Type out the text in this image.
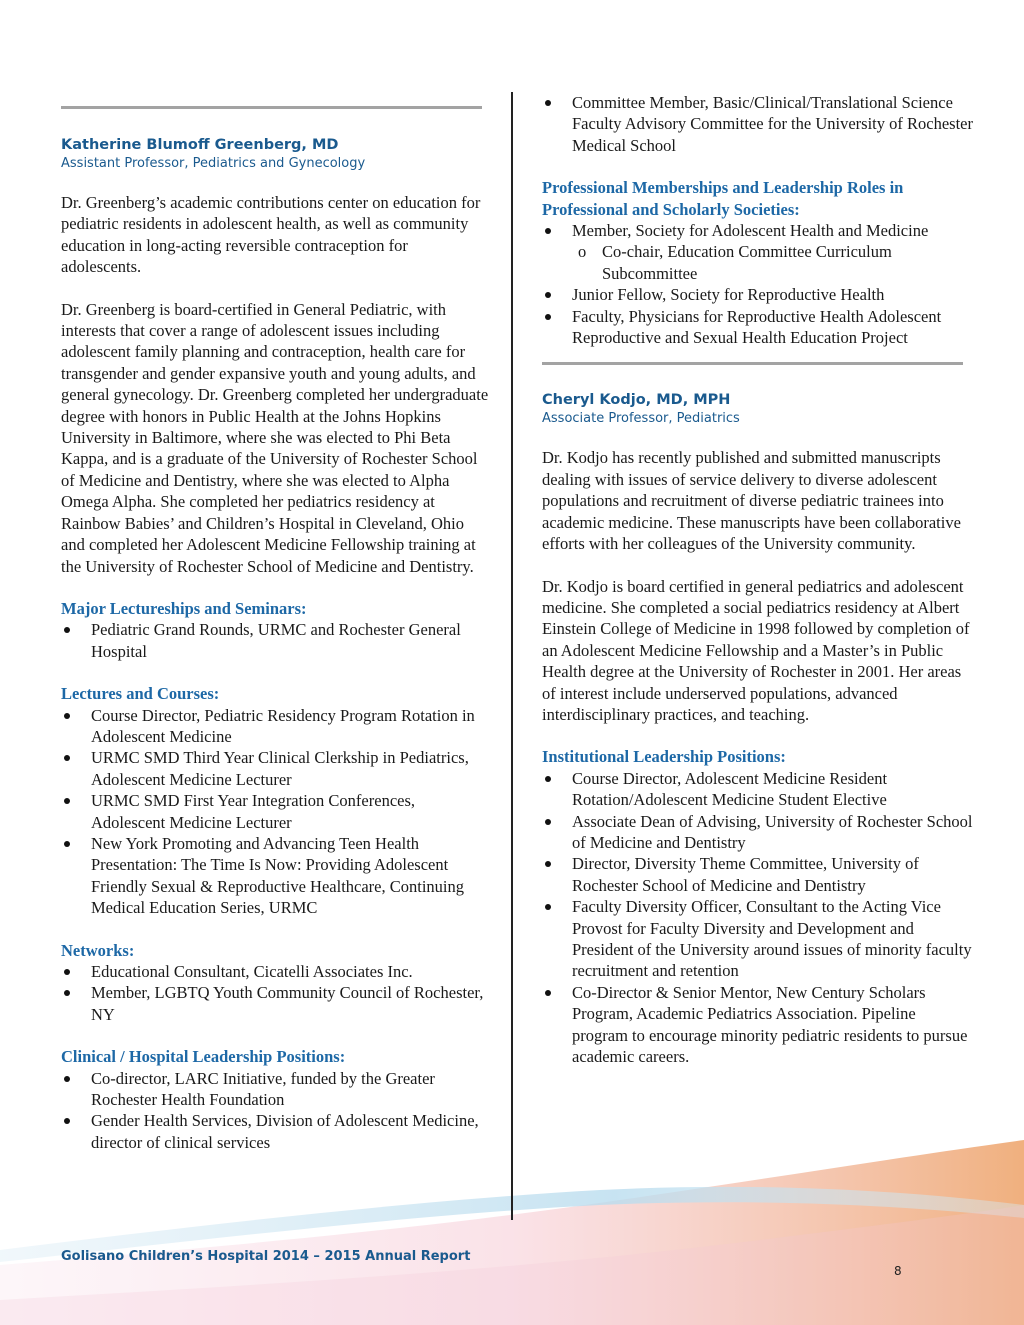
Katherine Blumoff Greenberg, MD
Assistant Professor, Pediatrics and Gynecology

Dr. Greenberg’s academic contributions center on education for pediatric residents in adolescent health, as well as community education in long-acting reversible contraception for adolescents.

Dr. Greenberg is board-certified in General Pediatric, with interests that cover a range of adolescent issues including adolescent family planning and contraception, health care for transgender and gender expansive youth and young adults, and general gynecology. Dr. Greenberg completed her undergraduate degree with honors in Public Health at the Johns Hopkins University in Baltimore, where she was elected to Phi Beta Kappa, and is a graduate of the University of Rochester School of Medicine and Dentistry, where she was elected to Alpha Omega Alpha. She completed her pediatrics residency at Rainbow Babies’ and Children’s Hospital in Cleveland, Ohio and completed her Adolescent Medicine Fellowship training at the University of Rochester School of Medicine and Dentistry.

Major Lectureships and Seminars:
Pediatric Grand Rounds, URMC and Rochester General Hospital
Lectures and Courses:
Course Director, Pediatric Residency Program Rotation in Adolescent Medicine
URMC SMD Third Year Clinical Clerkship in Pediatrics, Adolescent Medicine Lecturer
URMC SMD First Year Integration Conferences, Adolescent Medicine Lecturer
New York Promoting and Advancing Teen Health Presentation: The Time Is Now: Providing Adolescent Friendly Sexual & Reproductive Healthcare, Continuing Medical Education Series, URMC
Networks:
Educational Consultant, Cicatelli Associates Inc.
Member, LGBTQ Youth Community Council of Rochester, NY
Clinical / Hospital Leadership Positions:
Co-director, LARC Initiative, funded by the Greater Rochester Health Foundation
Gender Health Services, Division of Adolescent Medicine, director of clinical services
Committee Member, Basic/Clinical/Translational Science Faculty Advisory Committee for the University of Rochester Medical School
Professional Memberships and Leadership Roles in Professional and Scholarly Societies:
Member, Society for Adolescent Health and Medicine
o Co-chair, Education Committee Curriculum Subcommittee
Junior Fellow, Society for Reproductive Health
Faculty, Physicians for Reproductive Health Adolescent Reproductive and Sexual Health Education Project
Cheryl Kodjo, MD, MPH
Associate Professor, Pediatrics

Dr. Kodjo has recently published and submitted manuscripts dealing with issues of service delivery to diverse adolescent populations and recruitment of diverse pediatric trainees into academic medicine. These manuscripts have been collaborative efforts with her colleagues of the University community.

Dr. Kodjo is board certified in general pediatrics and adolescent medicine. She completed a social pediatrics residency at Albert Einstein College of Medicine in 1998 followed by completion of an Adolescent Medicine Fellowship and a Master’s in Public Health degree at the University of Rochester in 2001. Her areas of interest include underserved populations, advanced interdisciplinary practices, and teaching.

Institutional Leadership Positions:
Course Director, Adolescent Medicine Resident Rotation/Adolescent Medicine Student Elective
Associate Dean of Advising, University of Rochester School of Medicine and Dentistry
Director, Diversity Theme Committee, University of Rochester School of Medicine and Dentistry
Faculty Diversity Officer, Consultant to the Acting Vice Provost for Faculty Diversity and Development and President of the University around issues of minority faculty recruitment and retention
Co-Director & Senior Mentor, New Century Scholars Program, Academic Pediatrics Association. Pipeline program to encourage minority pediatric residents to pursue academic careers.
Golisano Children’s Hospital 2014 – 2015 Annual Report
8
